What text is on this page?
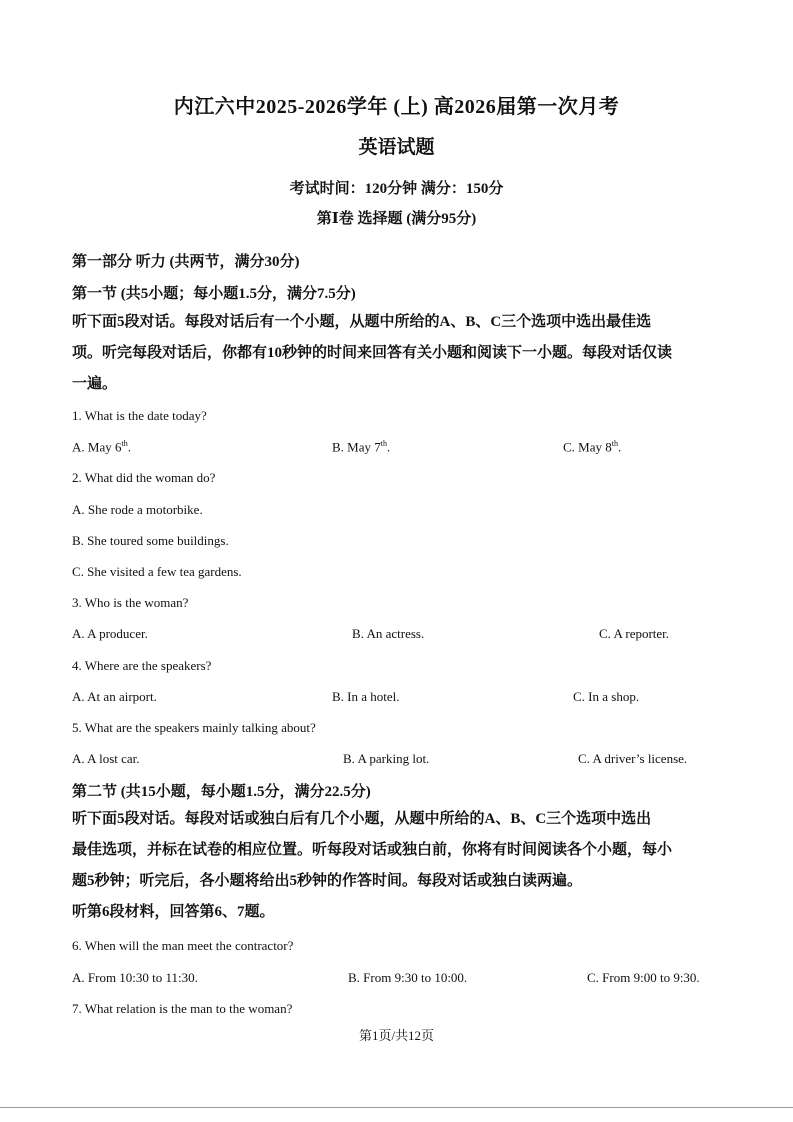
内江六中2025-2026学年 (上) 高2026届第一次月考
英语试题
考试时间：120分钟 满分：150分
第Ⅰ卷 选择题 (满分95分)
第一部分 听力 (共两节，满分30分)
第一节 (共5小题；每小题1.5分，满分7.5分)
听下面5段对话。每段对话后有一个小题，从题中所给的A、B、C三个选项中选出最佳选
项。听完每段对话后，你都有10秒钟的时间来回答有关小题和阅读下一小题。每段对话仅读
一遍。
1. What is the date today?
A. May 6th.	B. May 7th.	C. May 8th.
2. What did the woman do?
A. She rode a motorbike.
B. She toured some buildings.
C. She visited a few tea gardens.
3. Who is the woman?
A. A producer.	B. An actress.	C. A reporter.
4. Where are the speakers?
A. At an airport.	B. In a hotel.	C. In a shop.
5. What are the speakers mainly talking about?
A. A lost car.	B. A parking lot.	C. A driver’s license.
第二节 (共15小题，每小题1.5分，满分22.5分)
听下面5段对话。每段对话或独白后有几个小题，从题中所给的A、B、C三个选项中选出
最佳选项，并标在试卷的相应位置。听每段对话或独白前，你将有时间阅读各个小题，每小
题5秒钟；听完后，各小题将给出5秒钟的作答时间。每段对话或独白读两遍。
听第6段材料，回答第6、7题。
6. When will the man meet the contractor?
A. From 10:30 to 11:30.	B. From 9:30 to 10:00.	C. From 9:00 to 9:30.
7. What relation is the man to the woman?
第1页/共12页
